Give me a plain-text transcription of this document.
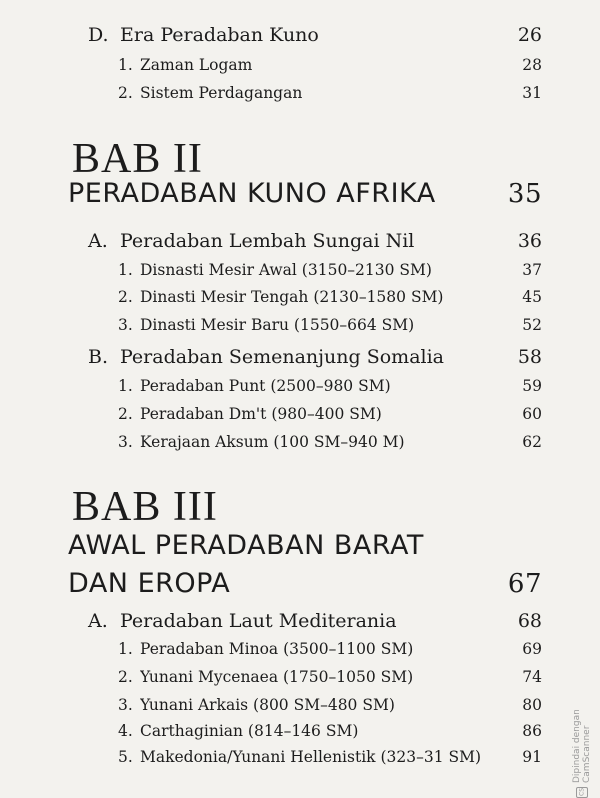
D. Era Peradaban Kuno	26
1. Zaman Logam	28
2. Sistem Perdagangan	31
BAB II
PERADABAN KUNO AFRIKA	35
A. Peradaban Lembah Sungai Nil	36
1. Disnasti Mesir Awal (3150–2130 SM)	37
2. Dinasti Mesir Tengah (2130–1580 SM)	45
3. Dinasti Mesir Baru (1550–664 SM)	52
B. Peradaban Semenanjung Somalia	58
1. Peradaban Punt (2500–980 SM)	59
2. Peradaban Dm't (980–400 SM)	60
3. Kerajaan Aksum (100 SM–940 M)	62
BAB III
AWAL PERADABAN BARAT
DAN EROPA	67
A. Peradaban Laut Mediterania	68
1. Peradaban Minoa (3500–1100 SM)	69
2. Yunani Mycenaea (1750–1050 SM)	74
3. Yunani Arkais (800 SM–480 SM)	80
4. Carthaginian (814–146 SM)	86
5. Makedonia/Yunani Hellenistik (323–31 SM)	91
CS
Dipindai dengan CamScanner
